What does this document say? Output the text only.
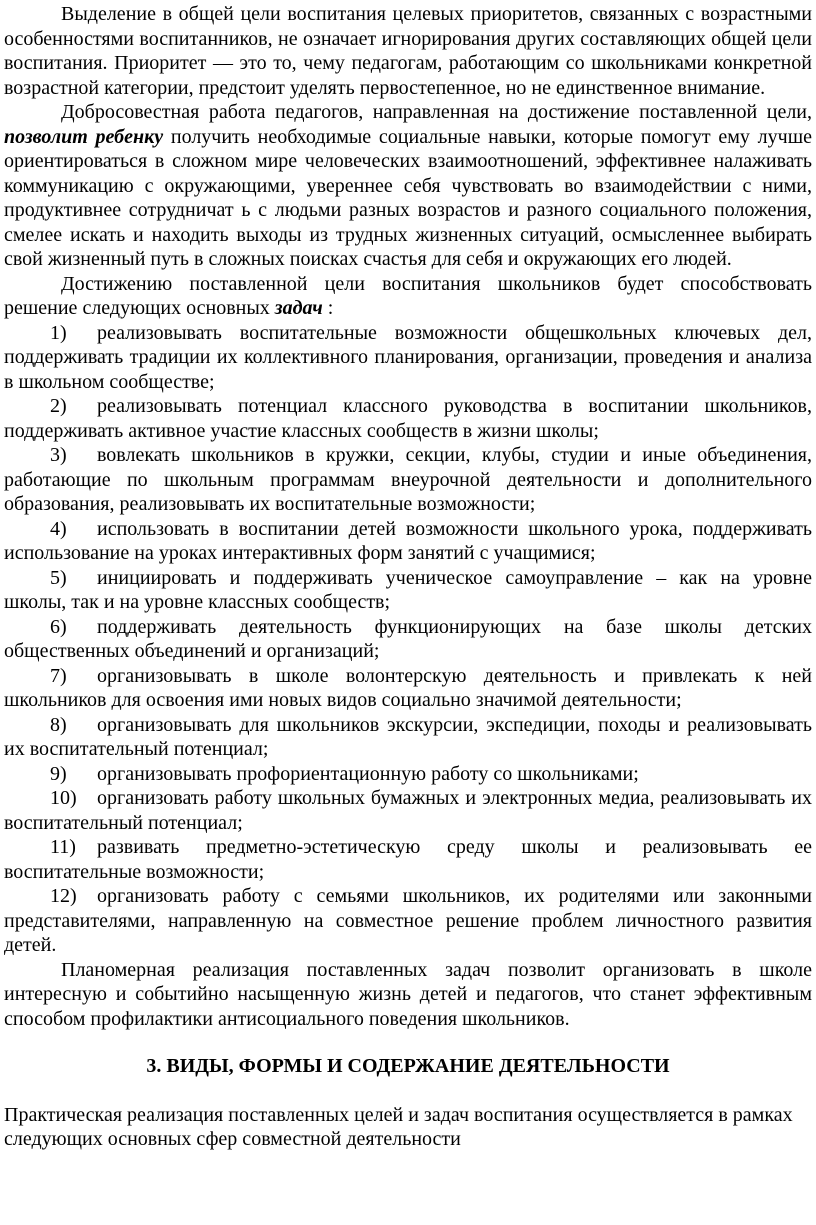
Выделение в общей цели воспитания целевых приоритетов, связанных с возрастными особенностями воспитанников, не означает игнорирования других составляющих общей цели воспитания. Приоритет — это то, чему педагогам, работающим со школьниками конкретной возрастной категории, предстоит уделять первостепенное, но не единственное внимание.

Добросовестная работа педагогов, направленная на достижение поставленной цели, позволит ребенку получить необходимые социальные навыки, которые помогут ему лучше ориентироваться в сложном мире человеческих взаимоотношений, эффективнее налаживать коммуникацию с окружающими, увереннее себя чувствовать во взаимодействии с ними, продуктивнее сотрудничат ь с людьми разных возрастов и разного социального положения, смелее искать и находить выходы из трудных жизненных ситуаций, осмысленнее выбирать свой жизненный путь в сложных поисках счастья для себя и окружающих его людей.

Достижению поставленной цели воспитания школьников будет способствовать решение следующих основных задач :

1) реализовывать воспитательные возможности общешкольных ключевых дел, поддерживать традиции их коллективного планирования, организации, проведения и анализа в школьном сообществе;

2) реализовывать потенциал классного руководства в воспитании школьников, поддерживать активное участие классных сообществ в жизни школы;

3) вовлекать школьников в кружки, секции, клубы, студии и иные объединения, работающие по школьным программам внеурочной деятельности и дополнительного образования, реализовывать их воспитательные возможности;

4) использовать в воспитании детей возможности школьного урока, поддерживать использование на уроках интерактивных форм занятий с учащимися;

5) инициировать и поддерживать ученическое самоуправление – как на уровне школы, так и на уровне классных сообществ;

6) поддерживать деятельность функционирующих на базе школы детских общественных объединений и организаций;

7) организовывать в школе волонтерскую деятельность и привлекать к ней школьников для освоения ими новых видов социально значимой деятельности;

8) организовывать для школьников экскурсии, экспедиции, походы и реализовывать их воспитательный потенциал;

9) организовывать профориентационную работу со школьниками;

10) организовать работу школьных бумажных и электронных медиа, реализовывать их воспитательный потенциал;

11) развивать предметно-эстетическую среду школы и реализовывать ее воспитательные возможности;

12) организовать работу с семьями школьников, их родителями или законными представителями, направленную на совместное решение проблем личностного развития детей.

Планомерная реализация поставленных задач позволит организовать в школе интересную и событийно насыщенную жизнь детей и педагогов, что станет эффективным способом профилактики антисоциального поведения школьников.

3. ВИДЫ, ФОРМЫ И СОДЕРЖАНИЕ ДЕЯТЕЛЬНОСТИ

Практическая реализация поставленных целей и задач воспитания осуществляется в рамках следующих основных сфер совместной деятельности
